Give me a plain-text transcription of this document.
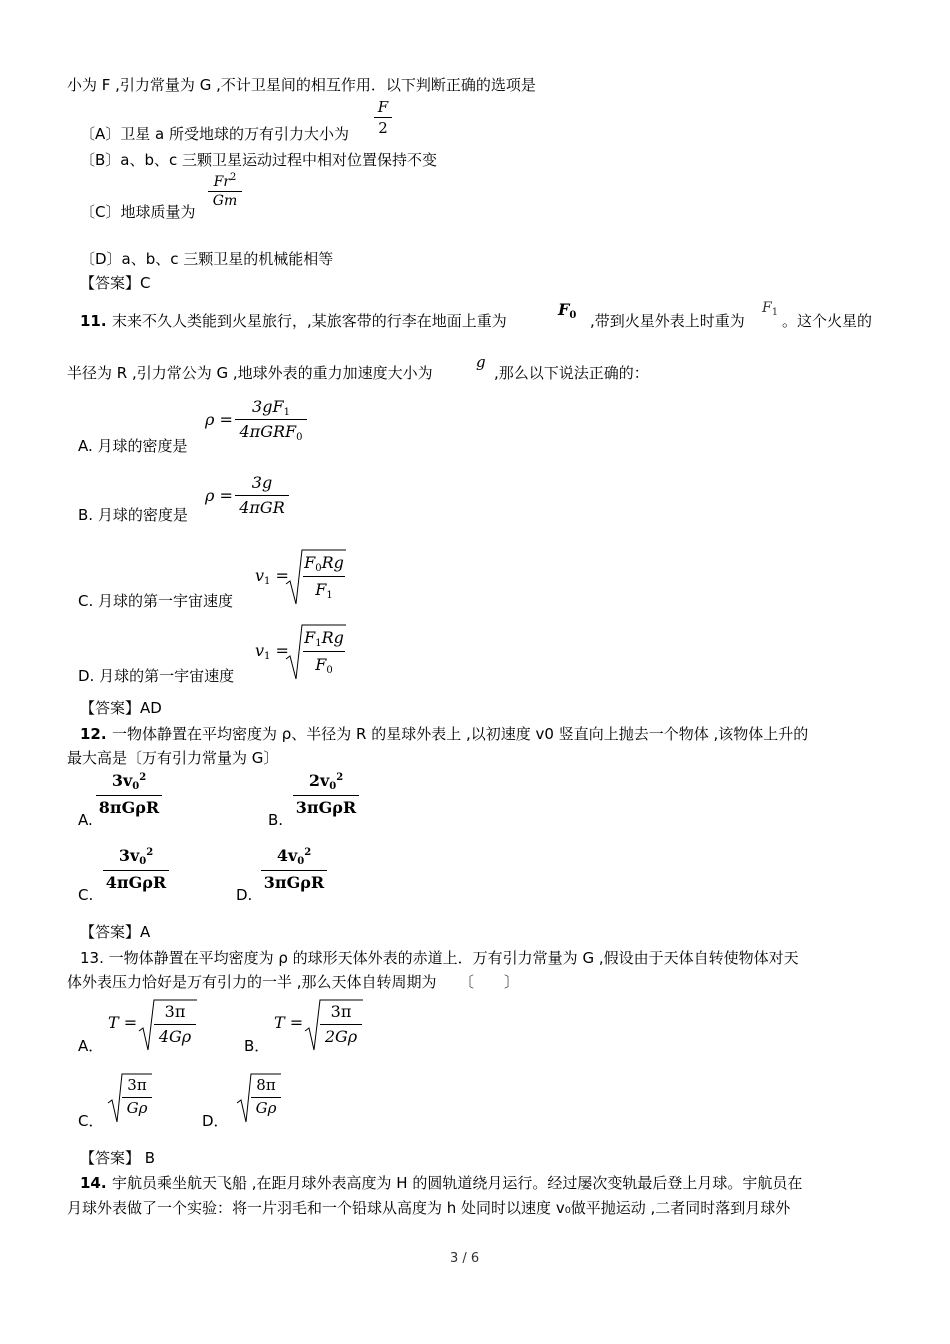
小为 F ,引力常量为 G ,不计卫星间的相互作用．以下判断正确的选项是
〔A〕卫星 a 所受地球的万有引力大小为
F
2
〔B〕a、b、c 三颗卫星运动过程中相对位置保持不变
〔C〕地球质量为
Fr$^2$
Gm
〔D〕a、b、c 三颗卫星的机械能相等
【答案】C
11. 末来不久人类能到火星旅行，,某旅客带的行李在地面上重为
$F_0$ ,带到火星外表上时重为
$F_1$ 。这个火星的
半径为 R ,引力常公为 G ,地球外表的重力加速度大小为
g
,那么以下说法正确的：
A. 月球的密度是
ρ =
$3gF_1$
4πGRF$_0$
B. 月球的密度是
ρ =
3g
4πGR
C. 月球的第一宇宙速度
$v_1$ =
$F_0Rg$
$F_1$
D. 月球的第一宇宙速度
$v_1$ =
$F_1Rg$
$F_0$
【答案】AD
12. 一物体静置在平均密度为 ρ、半径为 R 的星球外表上 ,以初速度 v0 竖直向上抛去一个物体 ,该物体上升的
最大高是〔万有引力常量为 G〕
A.
$3v_0^2$
8πGρR
B.
$2v_0^2$
3πGρR
C.
$3v_0^2$
4πGρR
D.
$4v_0^2$
3πGρR
【答案】A
13. 一物体静置在平均密度为 ρ 的球形天体外表的赤道上．万有引力常量为 G ,假设由于天体自转使物体对天
体外表压力恰好是万有引力的一半 ,那么天体自转周期为　　〔　　〕
A．
T =
3π
4Gρ	B．
T =
3π
2Gρ
C．
3π
Gρ
D．
8π
Gρ
【答案】 B
14. 宇航员乘坐航天飞船 ,在距月球外表高度为 H 的圆轨道绕月运行。经过屡次变轨最后登上月球。宇航员在
月球外表做了一个实验：将一片羽毛和一个铅球从高度为 h 处同时以速度 v₀做平抛运动 ,二者同时落到月球外
3 / 6
